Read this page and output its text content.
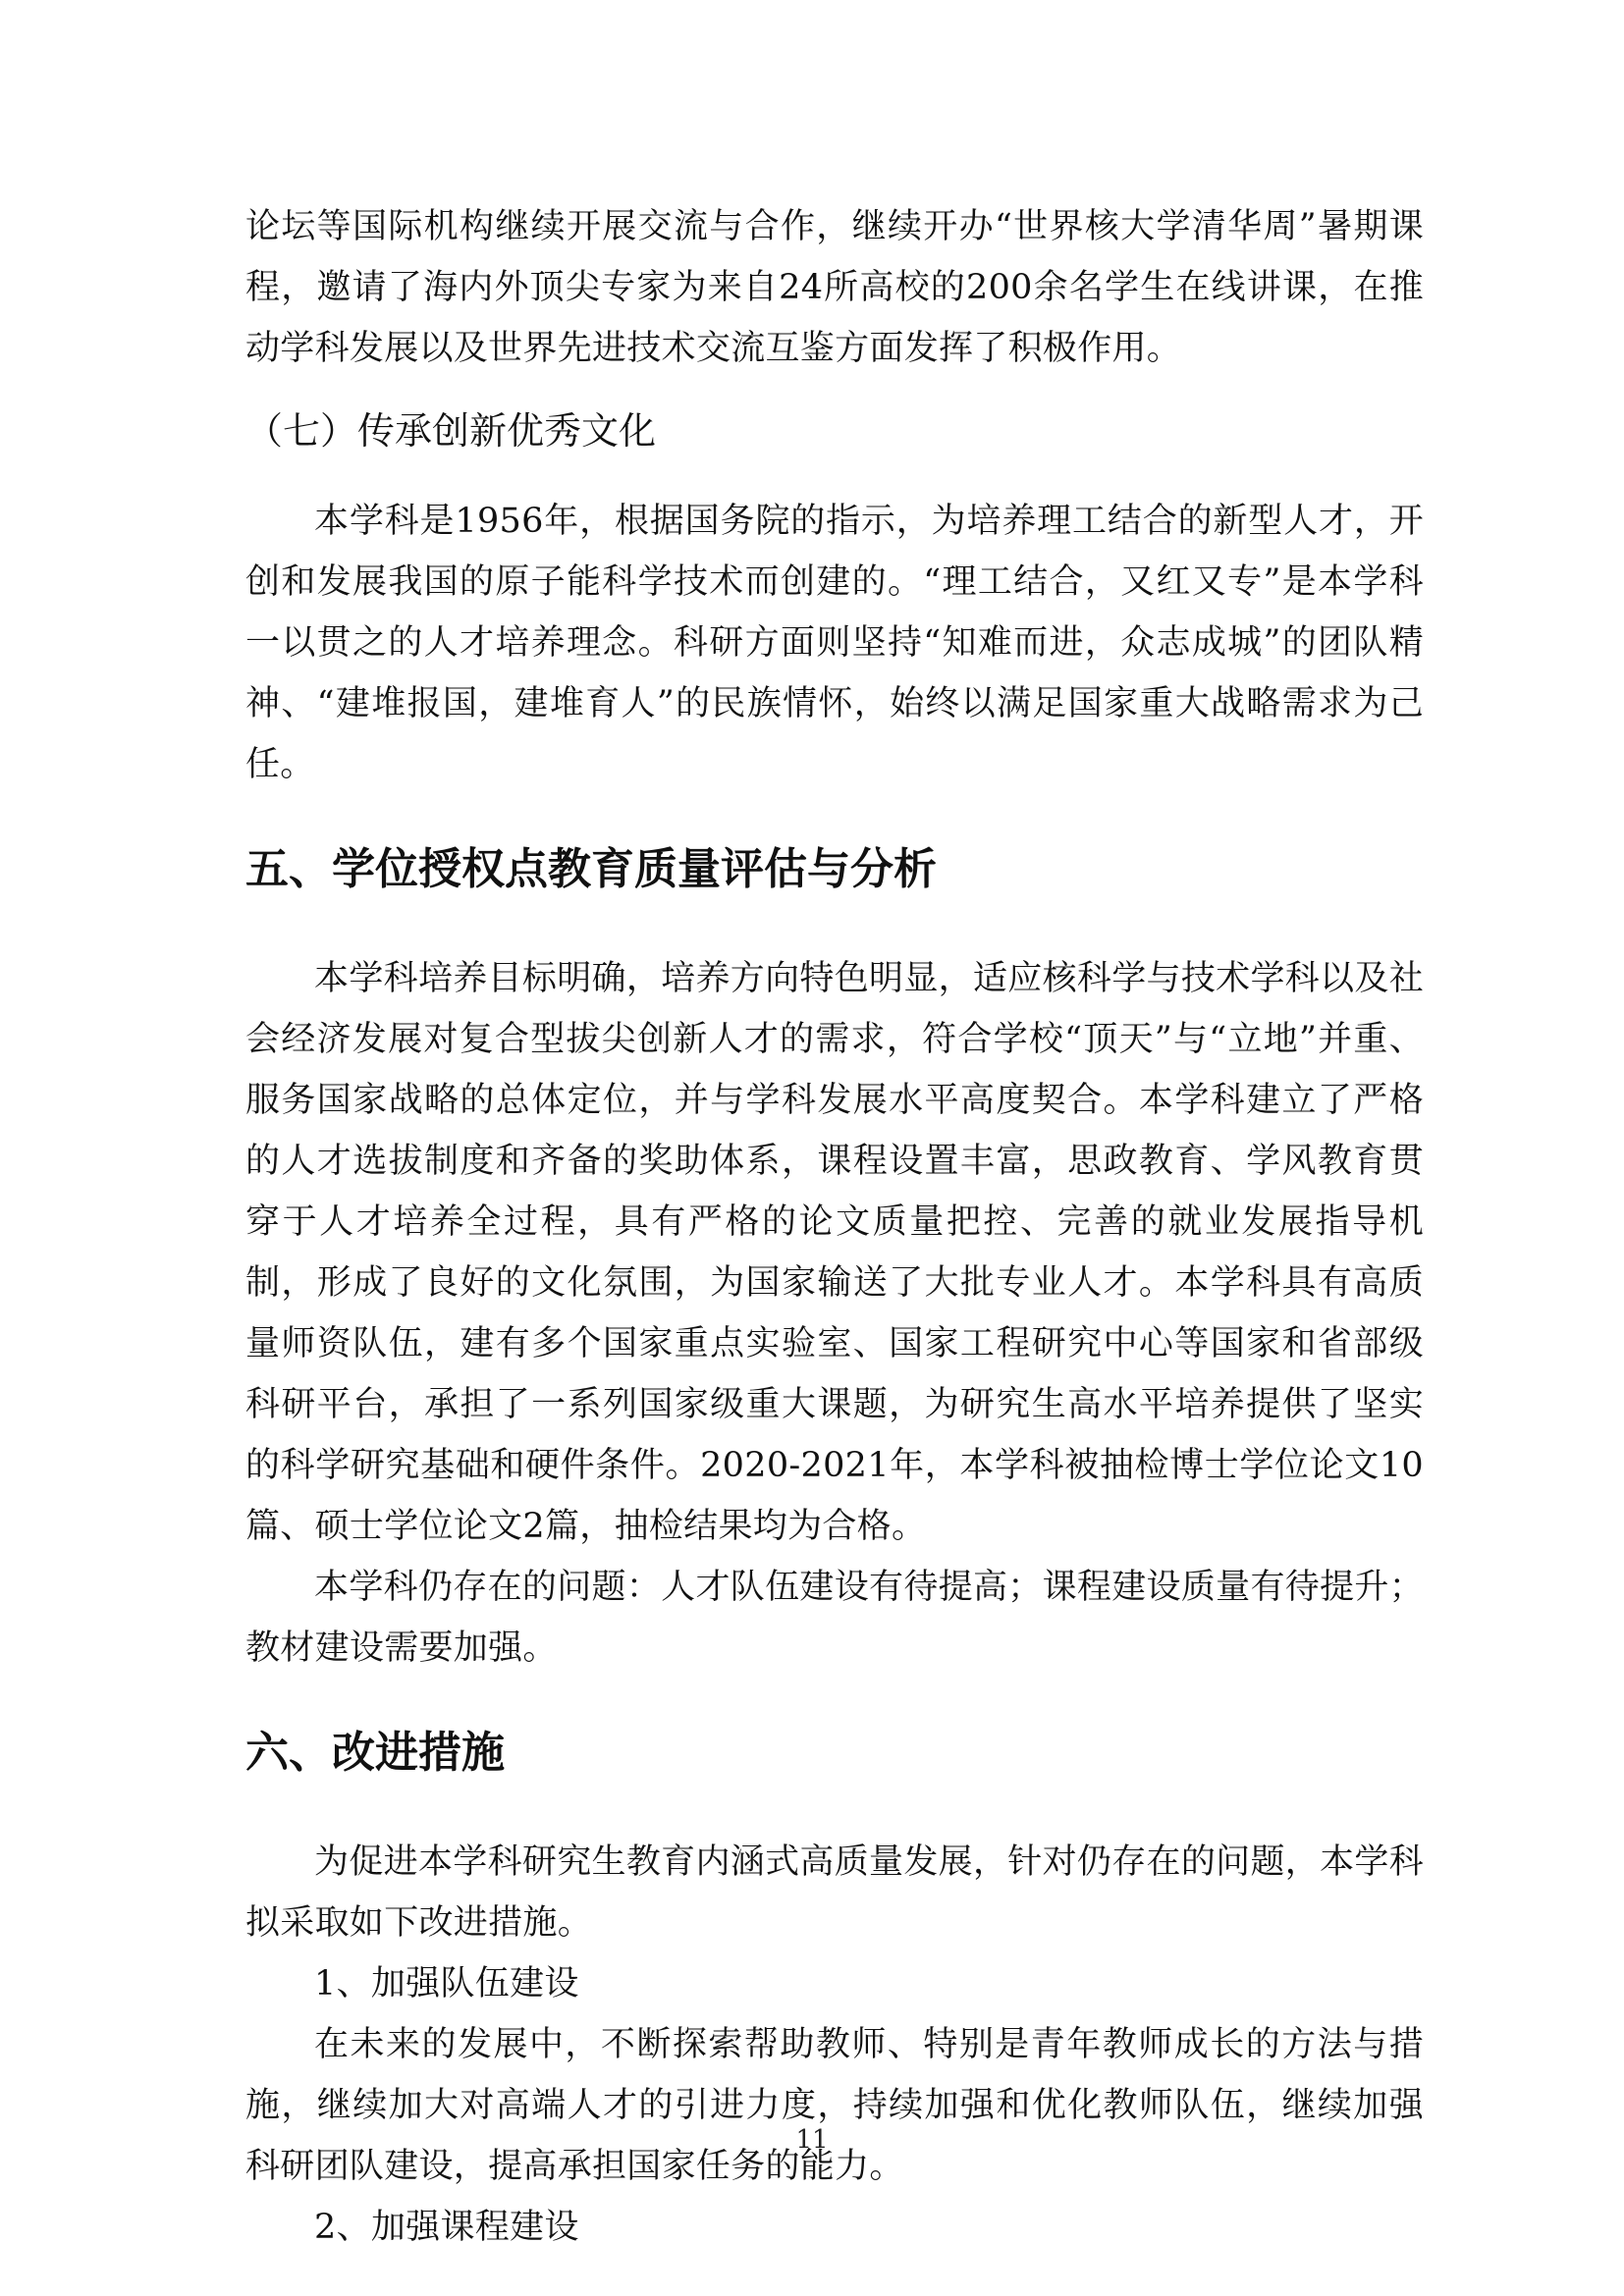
论坛等国际机构继续开展交流与合作，继续开办“世界核大学清华周”暑期课程，邀请了海内外顶尖专家为来自24所高校的200余名学生在线讲课，在推动学科发展以及世界先进技术交流互鉴方面发挥了积极作用。

（七）传承创新优秀文化

本学科是1956年，根据国务院的指示，为培养理工结合的新型人才，开创和发展我国的原子能科学技术而创建的。“理工结合，又红又专”是本学科一以贯之的人才培养理念。科研方面则坚持“知难而进，众志成城”的团队精神、“建堆报国，建堆育人”的民族情怀，始终以满足国家重大战略需求为己任。

五、学位授权点教育质量评估与分析

本学科培养目标明确，培养方向特色明显，适应核科学与技术学科以及社会经济发展对复合型拔尖创新人才的需求，符合学校“顶天”与“立地”并重、服务国家战略的总体定位，并与学科发展水平高度契合。本学科建立了严格的人才选拔制度和齐备的奖助体系，课程设置丰富，思政教育、学风教育贯穿于人才培养全过程，具有严格的论文质量把控、完善的就业发展指导机制，形成了良好的文化氛围，为国家输送了大批专业人才。本学科具有高质量师资队伍，建有多个国家重点实验室、国家工程研究中心等国家和省部级科研平台，承担了一系列国家级重大课题，为研究生高水平培养提供了坚实的科学研究基础和硬件条件。2020-2021年，本学科被抽检博士学位论文10篇、硕士学位论文2篇，抽检结果均为合格。

本学科仍存在的问题：人才队伍建设有待提高；课程建设质量有待提升；教材建设需要加强。

六、改进措施

为促进本学科研究生教育内涵式高质量发展，针对仍存在的问题，本学科拟采取如下改进措施。

1、加强队伍建设

在未来的发展中，不断探索帮助教师、特别是青年教师成长的方法与措施，继续加大对高端人才的引进力度，持续加强和优化教师队伍，继续加强科研团队建设，提高承担国家任务的能力。

2、加强课程建设

11
